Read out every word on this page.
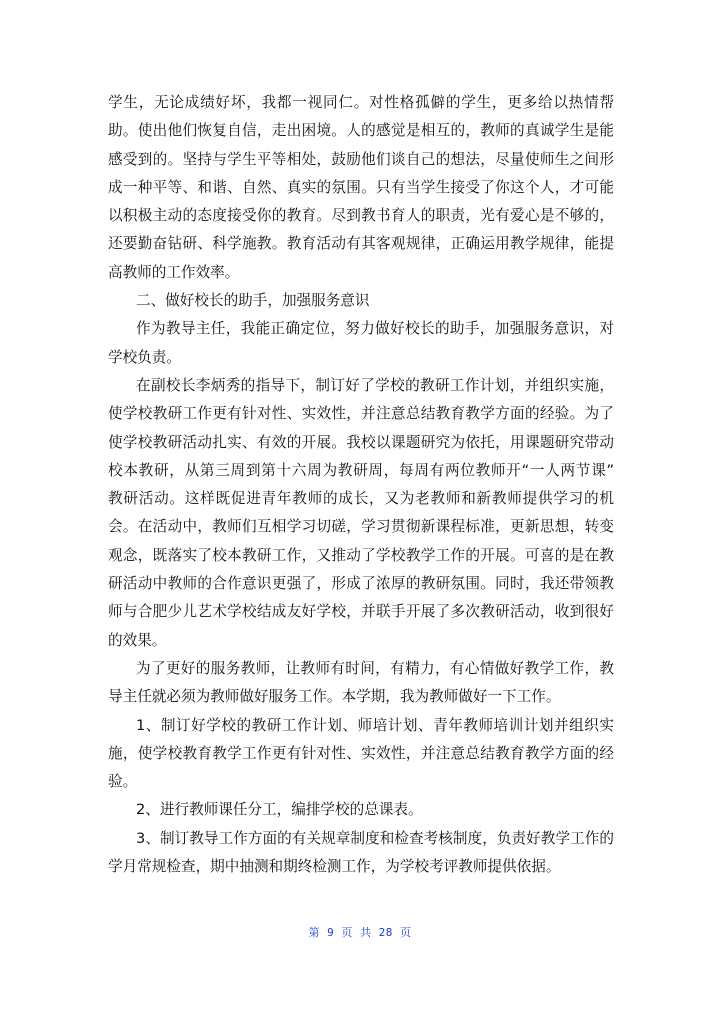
学生，无论成绩好坏，我都一视同仁。对性格孤僻的学生，更多给以热情帮
助。使出他们恢复自信，走出困境。人的感觉是相互的，教师的真诚学生是能
感受到的。坚持与学生平等相处，鼓励他们谈自己的想法，尽量使师生之间形
成一种平等、和谐、自然、真实的氛围。只有当学生接受了你这个人，才可能
以积极主动的态度接受你的教育。尽到教书育人的职责，光有爱心是不够的，
还要勤奋钻研、科学施教。教育活动有其客观规律，正确运用教学规律，能提
高教师的工作效率。
二、做好校长的助手，加强服务意识
作为教导主任，我能正确定位，努力做好校长的助手，加强服务意识，对
学校负责。
在副校长李炳秀的指导下，制订好了学校的教研工作计划，并组织实施，
使学校教研工作更有针对性、实效性，并注意总结教育教学方面的经验。为了
使学校教研活动扎实、有效的开展。我校以课题研究为依托，用课题研究带动
校本教研，从第三周到第十六周为教研周，每周有两位教师开“一人两节课”
教研活动。这样既促进青年教师的成长，又为老教师和新教师提供学习的机
会。在活动中，教师们互相学习切磋，学习贯彻新课程标准，更新思想，转变
观念，既落实了校本教研工作，又推动了学校教学工作的开展。可喜的是在教
研活动中教师的合作意识更强了，形成了浓厚的教研氛围。同时，我还带领教
师与合肥少儿艺术学校结成友好学校，并联手开展了多次教研活动，收到很好
的效果。
为了更好的服务教师，让教师有时间，有精力，有心情做好教学工作，教
导主任就必须为教师做好服务工作。本学期，我为教师做好一下工作。
1、制订好学校的教研工作计划、师培计划、青年教师培训计划并组织实
施，使学校教育教学工作更有针对性、实效性，并注意总结教育教学方面的经
验。
2、进行教师课任分工，编排学校的总课表。
3、制订教导工作方面的有关规章制度和检查考核制度，负责好教学工作的
学月常规检查，期中抽测和期终检测工作，为学校考评教师提供依据。
第 9 页 共 28 页
